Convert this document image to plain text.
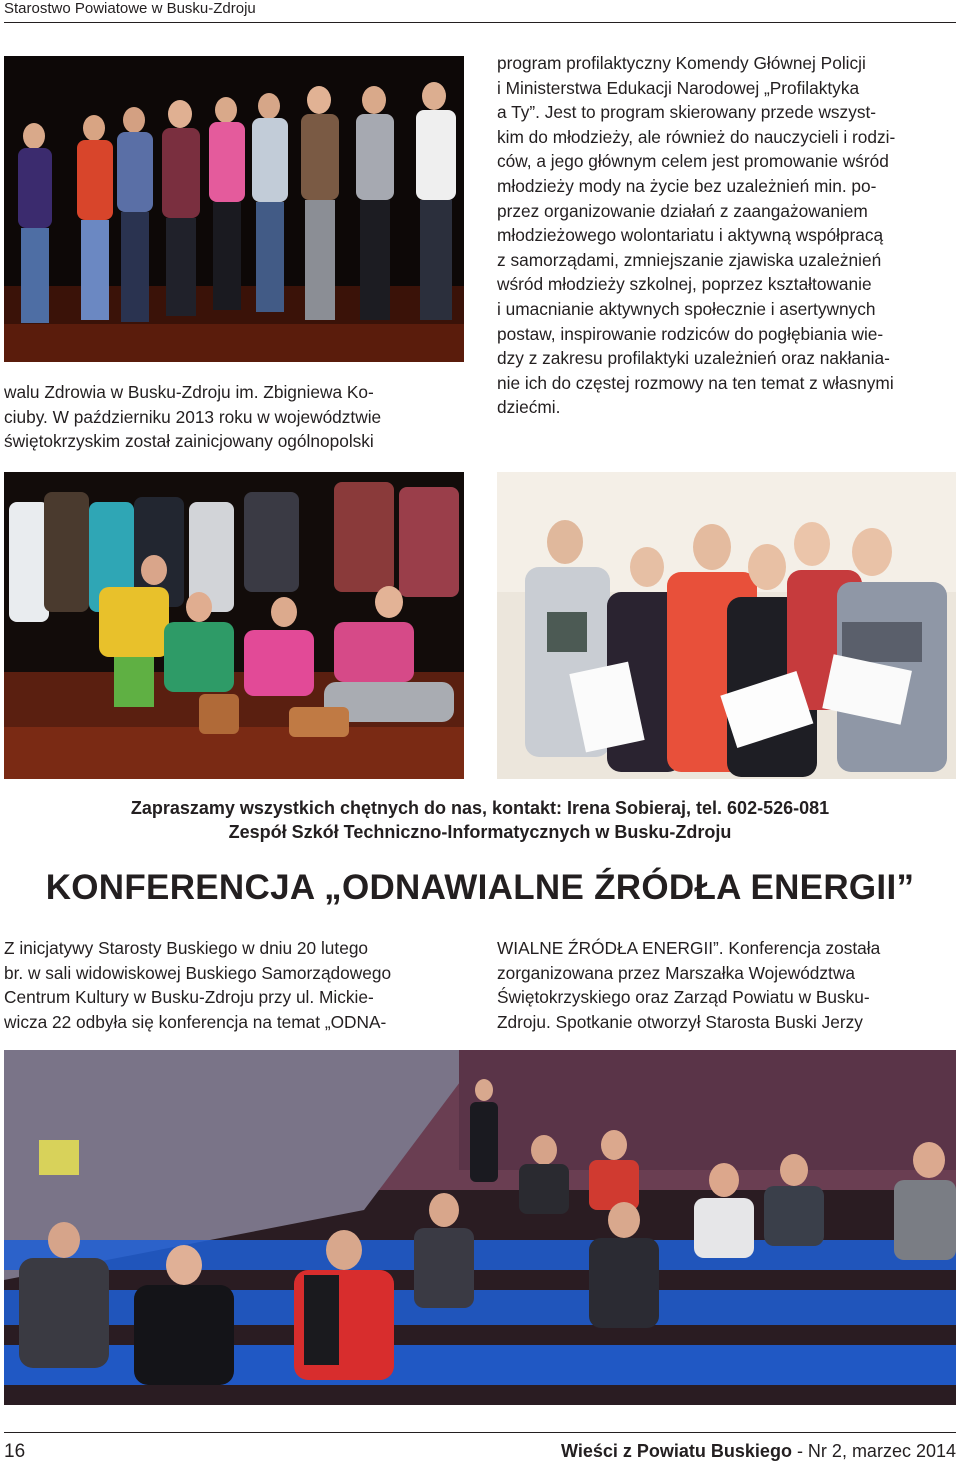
Starostwo Powiatowe w Busku-Zdroju
walu Zdrowia w Busku-Zdroju im. Zbigniewa Ko-
ciuby. W październiku 2013 roku w województwie
świętokrzyskim został zainicjowany ogólnopolski
program profilaktyczny Komendy Głównej Policji
i Ministerstwa Edukacji Narodowej „Profilaktyka
a Ty”. Jest to program skierowany przede wszyst-
kim do młodzieży, ale również do nauczycieli i rodzi-
ców, a jego głównym celem jest promowanie wśród
młodzieży mody na życie bez uzależnień min. po-
przez organizowanie działań z zaangażowaniem
młodzieżowego wolontariatu i aktywną współpracą
z samorządami, zmniejszanie zjawiska uzależnień
wśród młodzieży szkolnej, poprzez kształtowanie
i umacnianie aktywnych społecznie i asertywnych
postaw, inspirowanie rodziców do pogłębiania wie-
dzy z zakresu profilaktyki uzależnień oraz nakłania-
nie ich do częstej rozmowy na ten temat z własnymi
dziećmi.
Zapraszamy wszystkich chętnych do nas, kontakt: Irena Sobieraj, tel. 602-526-081
Zespół Szkół Techniczno-Informatycznych w Busku-Zdroju
KONFERENCJA „ODNAWIALNE ŹRÓDŁA ENERGII”
Z inicjatywy Starosty Buskiego w dniu 20 lutego
br. w sali widowiskowej Buskiego Samorządowego
Centrum Kultury w Busku-Zdroju przy ul. Mickie-
wicza 22 odbyła się konferencja na temat „ODNA-
WIALNE ŹRÓDŁA ENERGII”. Konferencja została
zorganizowana przez Marszałka Województwa
Świętokrzyskiego oraz Zarząd Powiatu w Busku-
Zdroju. Spotkanie otworzył Starosta Buski Jerzy
16	Wieści z Powiatu Buskiego - Nr 2, marzec 2014
